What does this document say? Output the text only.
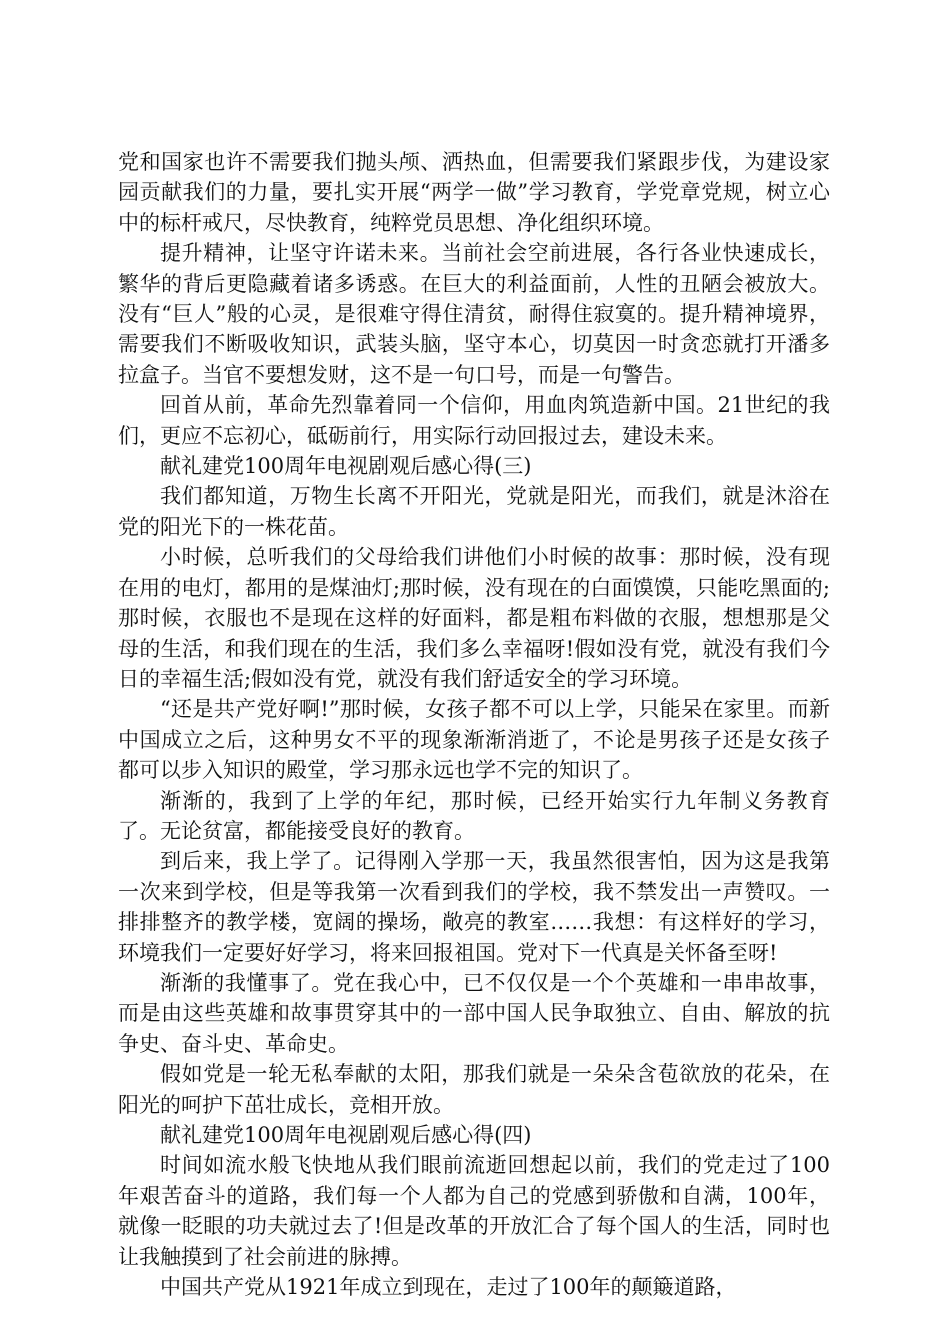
党和国家也许不需要我们抛头颅、洒热血，但需要我们紧跟步伐，为建设家园贡献我们的力量，要扎实开展“两学一做”学习教育，学党章党规，树立心中的标杆戒尺，尽快教育，纯粹党员思想、净化组织环境。

提升精神，让坚守许诺未来。当前社会空前进展，各行各业快速成长，繁华的背后更隐藏着诸多诱惑。在巨大的利益面前，人性的丑陋会被放大。没有“巨人”般的心灵，是很难守得住清贫，耐得住寂寞的。提升精神境界，需要我们不断吸收知识，武装头脑，坚守本心，切莫因一时贪恋就打开潘多拉盒子。当官不要想发财，这不是一句口号，而是一句警告。

回首从前，革命先烈靠着同一个信仰，用血肉筑造新中国。21世纪的我们，更应不忘初心，砥砺前行，用实际行动回报过去，建设未来。

献礼建党100周年电视剧观后感心得(三)

我们都知道，万物生长离不开阳光，党就是阳光，而我们，就是沐浴在党的阳光下的一株花苗。

小时候，总听我们的父母给我们讲他们小时候的故事：那时候，没有现在用的电灯，都用的是煤油灯;那时候，没有现在的白面馍馍，只能吃黑面的;那时候，衣服也不是现在这样的好面料，都是粗布料做的衣服，想想那是父母的生活，和我们现在的生活，我们多么幸福呀!假如没有党，就没有我们今日的幸福生活;假如没有党，就没有我们舒适安全的学习环境。

“还是共产党好啊!”那时候，女孩子都不可以上学，只能呆在家里。而新中国成立之后，这种男女不平的现象渐渐消逝了，不论是男孩子还是女孩子都可以步入知识的殿堂，学习那永远也学不完的知识了。

渐渐的，我到了上学的年纪，那时候，已经开始实行九年制义务教育了。无论贫富，都能接受良好的教育。

到后来，我上学了。记得刚入学那一天，我虽然很害怕，因为这是我第一次来到学校，但是等我第一次看到我们的学校，我不禁发出一声赞叹。一排排整齐的教学楼，宽阔的操场，敞亮的教室……我想：有这样好的学习，环境我们一定要好好学习，将来回报祖国。党对下一代真是关怀备至呀!

渐渐的我懂事了。党在我心中，已不仅仅是一个个英雄和一串串故事，而是由这些英雄和故事贯穿其中的一部中国人民争取独立、自由、解放的抗争史、奋斗史、革命史。

假如党是一轮无私奉献的太阳，那我们就是一朵朵含苞欲放的花朵，在阳光的呵护下茁壮成长，竞相开放。

献礼建党100周年电视剧观后感心得(四)

时间如流水般飞快地从我们眼前流逝回想起以前，我们的党走过了100年艰苦奋斗的道路，我们每一个人都为自己的党感到骄傲和自满，100年，就像一眨眼的功夫就过去了!但是改革的开放汇合了每个国人的生活，同时也让我触摸到了社会前进的脉搏。

中国共产党从1921年成立到现在，走过了100年的颠簸道路，
